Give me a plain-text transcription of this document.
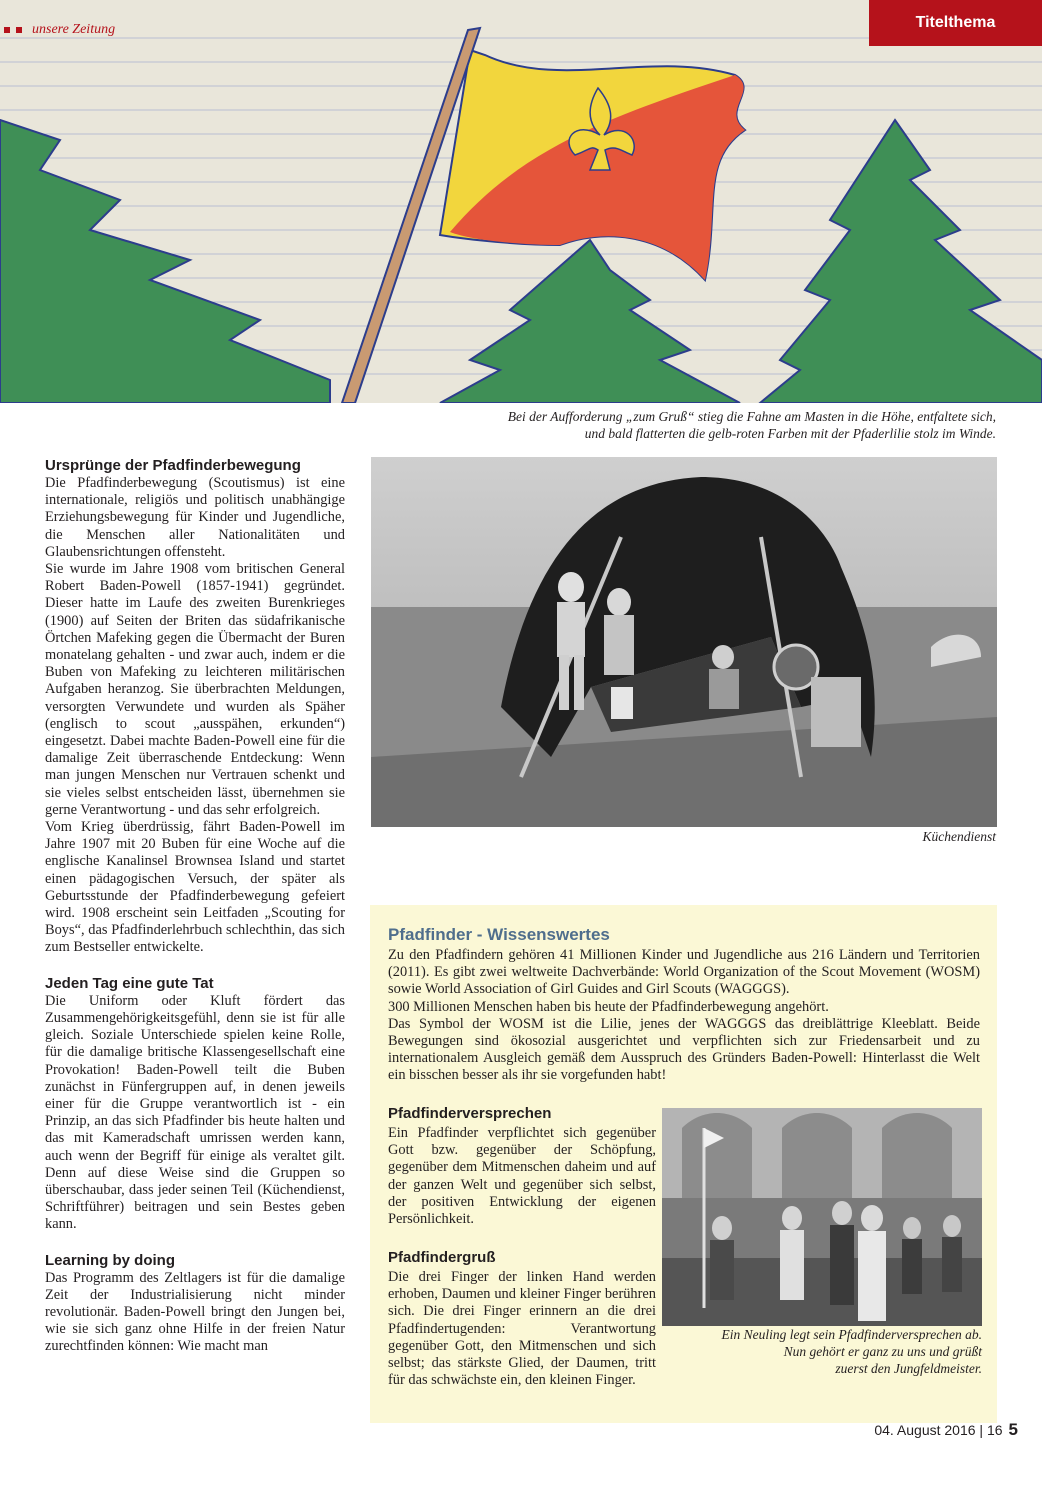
unsere Zeitung	Titelthema
Bei der Aufforderung „zum Gruß“ stieg die Fahne am Masten in die Höhe, entfaltete sich,
und bald flatterten die gelb-roten Farben mit der Pfaderlilie stolz im Winde.
Ursprünge der Pfadfinderbewegung

Die Pfadfinderbewegung (Scoutismus) ist eine internationale, religiös und politisch unabhängige Erziehungsbewegung für Kinder und Jugendliche, die Menschen aller Nationalitäten und Glaubensrichtungen offensteht.

Sie wurde im Jahre 1908 vom britischen General Robert Baden-Powell (1857-1941) gegründet. Dieser hatte im Laufe des zweiten Burenkrieges (1900) auf Seiten der Briten das südafrikanische Örtchen Mafeking gegen die Übermacht der Buren monatelang gehalten - und zwar auch, indem er die Buben von Mafeking zu leichteren militärischen Aufgaben heranzog. Sie überbrachten Meldungen, versorgten Verwundete und wurden als Späher (englisch to scout „ausspähen, erkunden“) eingesetzt. Dabei machte Baden-Powell eine für die damalige Zeit überraschende Entdeckung: Wenn man jungen Menschen nur Vertrauen schenkt und sie vieles selbst entscheiden lässt, übernehmen sie gerne Verantwortung - und das sehr erfolgreich.

Vom Krieg überdrüssig, fährt Baden-Powell im Jahre 1907 mit 20 Buben für eine Woche auf die englische Kanalinsel Brownsea Island und startet einen pädagogischen Versuch, der später als Geburtsstunde der Pfadfinderbewegung gefeiert wird. 1908 erscheint sein Leitfaden „Scouting for Boys“, das Pfadfinderlehrbuch schlechthin, das sich zum Bestseller entwickelte.

Jeden Tag eine gute Tat

Die Uniform oder Kluft fördert das Zusammengehörigkeitsgefühl, denn sie ist für alle gleich. Soziale Unterschiede spielen keine Rolle, für die damalige britische Klassengesellschaft eine Provokation! Baden-Powell teilt die Buben zunächst in Fünfergruppen auf, in denen jeweils einer für die Gruppe verantwortlich ist - ein Prinzip, an das sich Pfadfinder bis heute halten und das mit Kameradschaft umrissen werden kann, auch wenn der Begriff für einige als veraltet gilt. Denn auf diese Weise sind die Gruppen so überschaubar, dass jeder seinen Teil (Küchendienst, Schriftführer) beitragen und sein Bestes geben kann.

Learning by doing

Das Programm des Zeltlagers ist für die damalige Zeit der Industrialisierung nicht minder revolutionär. Baden-Powell bringt den Jungen bei, wie sie sich ganz ohne Hilfe in der freien Natur zurechtfinden können: Wie macht man

Küchendienst
Pfadfinder - Wissenswertes
Zu den Pfadfindern gehören 41 Millionen Kinder und Jugendliche aus 216 Ländern und Territorien (2011). Es gibt zwei weltweite Dachverbände: World Organization of the Scout Movement (WOSM) sowie World Association of Girl Guides and Girl Scouts (WAGGGS).
300 Millionen Menschen haben bis heute der Pfadfinderbewegung angehört.
Das Symbol der WOSM ist die Lilie, jenes der WAGGGS das dreiblättrige Kleeblatt. Beide Bewegungen sind ökosozial ausgerichtet und verpflichten sich zur Friedensarbeit und zu internationalem Ausgleich gemäß dem Ausspruch des Gründers Baden-Powell: Hinterlasst die Welt ein bisschen besser als ihr sie vorgefunden habt!
Pfadfinderversprechen
Ein Pfadfinder verpflichtet sich gegenüber Gott bzw. gegenüber der Schöpfung, gegenüber dem Mitmenschen daheim und auf der ganzen Welt und gegenüber sich selbst, der positiven Entwicklung der eigenen Persönlichkeit.
Pfadfindergruß
Die drei Finger der linken Hand werden erhoben, Daumen und kleiner Finger berühren sich. Die drei Finger erinnern an die drei Pfadfindertugenden: Verantwortung gegenüber Gott, den Mitmenschen und sich selbst; das stärkste Glied, der Daumen, tritt für das schwächste ein, den kleinen Finger.
Ein Neuling legt sein Pfadfinderversprechen ab.
Nun gehört er ganz zu uns und grüßt
zuerst den Jungfeldmeister.
04. August 2016 | 16 5
